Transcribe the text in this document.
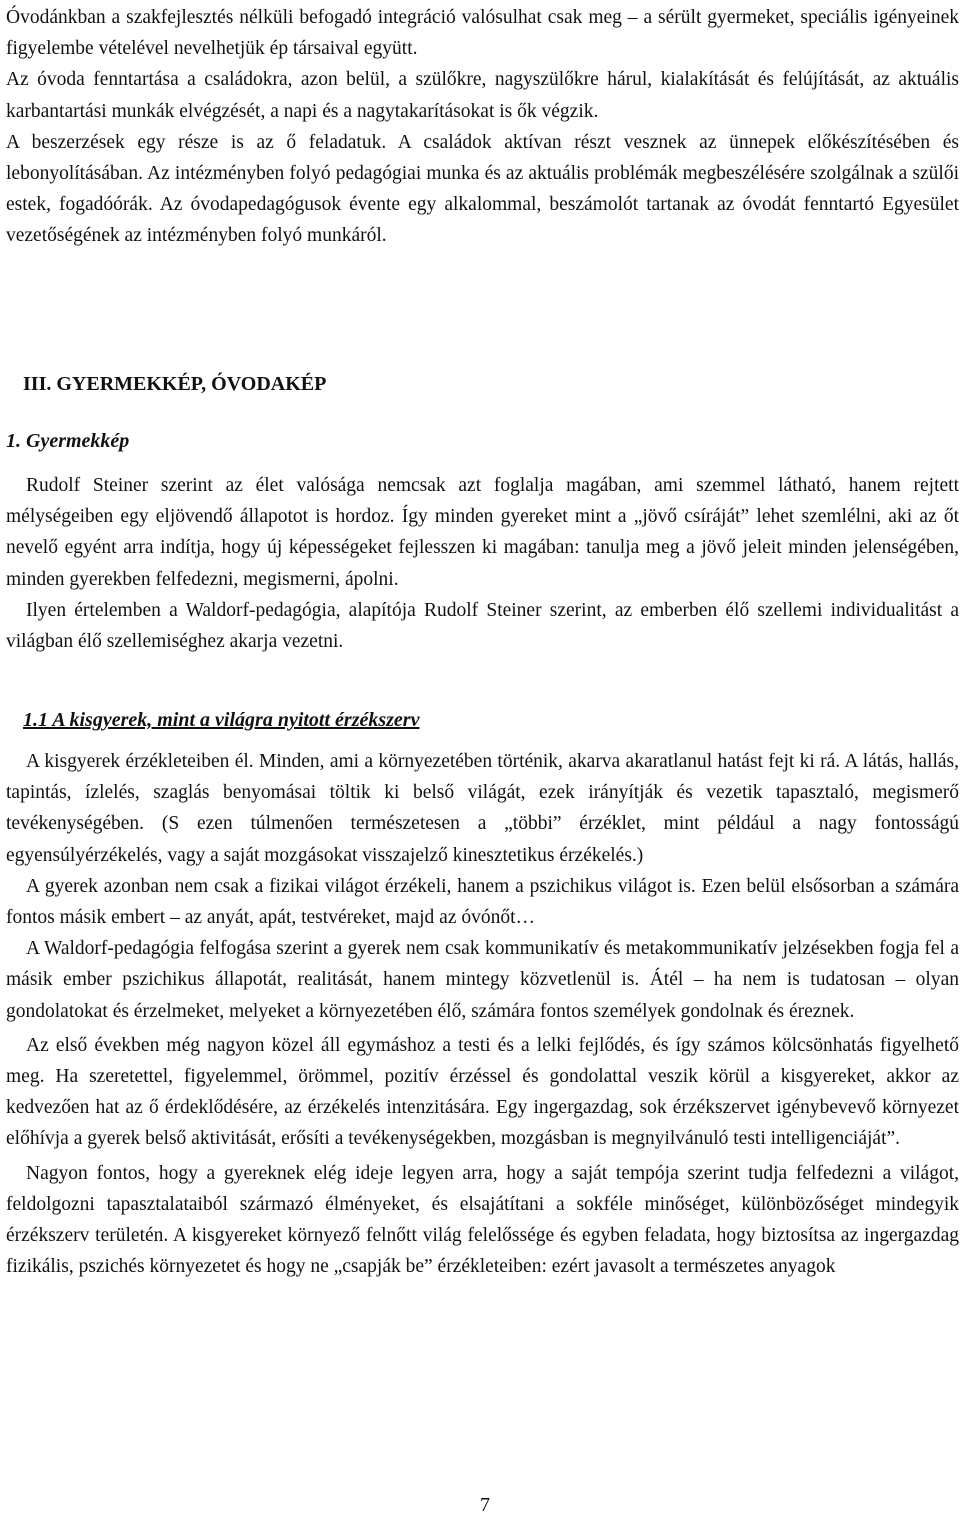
Óvodánkban a szakfejlesztés nélküli befogadó integráció valósulhat csak meg – a sérült gyermeket, speciális igényeinek figyelembe vételével nevelhetjük ép társaival együtt.

Az óvoda fenntartása a családokra, azon belül, a szülőkre, nagyszülőkre hárul, kialakítását és felújítását, az aktuális karbantartási munkák elvégzését, a napi és a nagytakarításokat is ők végzik.

A beszerzések egy része is az ő feladatuk. A családok aktívan részt vesznek az ünnepek előkészítésében és lebonyolításában. Az intézményben folyó pedagógiai munka és az aktuális problémák megbeszélésére szolgálnak a szülői estek, fogadóórák. Az óvodapedagógusok évente egy alkalommal, beszámolót tartanak az óvodát fenntartó Egyesület vezetőségének az intézményben folyó munkáról.

III. GYERMEKKÉP, ÓVODAKÉP
1. Gyermekkép

Rudolf Steiner szerint az élet valósága nemcsak azt foglalja magában, ami szemmel látható, hanem rejtett mélységeiben egy eljövendő állapotot is hordoz. Így minden gyereket mint a „jövő csíráját” lehet szemlélni, aki az őt nevelő egyént arra indítja, hogy új képességeket fejlesszen ki magában: tanulja meg a jövő jeleit minden jelenségében, minden gyerekben felfedezni, megismerni, ápolni.

Ilyen értelemben a Waldorf-pedagógia, alapítója Rudolf Steiner szerint, az emberben élő szellemi individualitást a világban élő szellemiséghez akarja vezetni.

1.1 A kisgyerek, mint a világra nyitott érzékszerv

A kisgyerek érzékleteiben él. Minden, ami a környezetében történik, akarva akaratlanul hatást fejt ki rá. A látás, hallás, tapintás, ízlelés, szaglás benyomásai töltik ki belső világát, ezek irányítják és vezetik tapasztaló, megismerő tevékenységében. (S ezen túlmenően természetesen a „többi” érzéklet, mint például a nagy fontosságú egyensúlyérzékelés, vagy a saját mozgásokat visszajelző kinesztetikus érzékelés.)

A gyerek azonban nem csak a fizikai világot érzékeli, hanem a pszichikus világot is. Ezen belül elsősorban a számára fontos másik embert – az anyát, apát, testvéreket, majd az óvónőt…

A Waldorf-pedagógia felfogása szerint a gyerek nem csak kommunikatív és metakommunikatív jelzésekben fogja fel a másik ember pszichikus állapotát, realitását, hanem mintegy közvetlenül is. Átél – ha nem is tudatosan – olyan gondolatokat és érzelmeket, melyeket a környezetében élő, számára fontos személyek gondolnak és éreznek.

Az első években még nagyon közel áll egymáshoz a testi és a lelki fejlődés, és így számos kölcsönhatás figyelhető meg. Ha szeretettel, figyelemmel, örömmel, pozitív érzéssel és gondolattal veszik körül a kisgyereket, akkor az kedvezően hat az ő érdeklődésére, az érzékelés intenzitására. Egy ingergazdag, sok érzékszervet igénybevevő környezet előhívja a gyerek belső aktivitását, erősíti a tevékenységekben, mozgásban is megnyilvánuló testi intelligenciáját”.

Nagyon fontos, hogy a gyereknek elég ideje legyen arra, hogy a saját tempója szerint tudja felfedezni a világot, feldolgozni tapasztalataiból származó élményeket, és elsajátítani a sokféle minőséget, különbözőséget mindegyik érzékszerv területén. A kisgyereket környező felnőtt világ felelőssége és egyben feladata, hogy biztosítsa az ingergazdag fizikális, pszichés környezetet és hogy ne „csapják be” érzékleteiben: ezért javasolt a természetes anyagok

7
